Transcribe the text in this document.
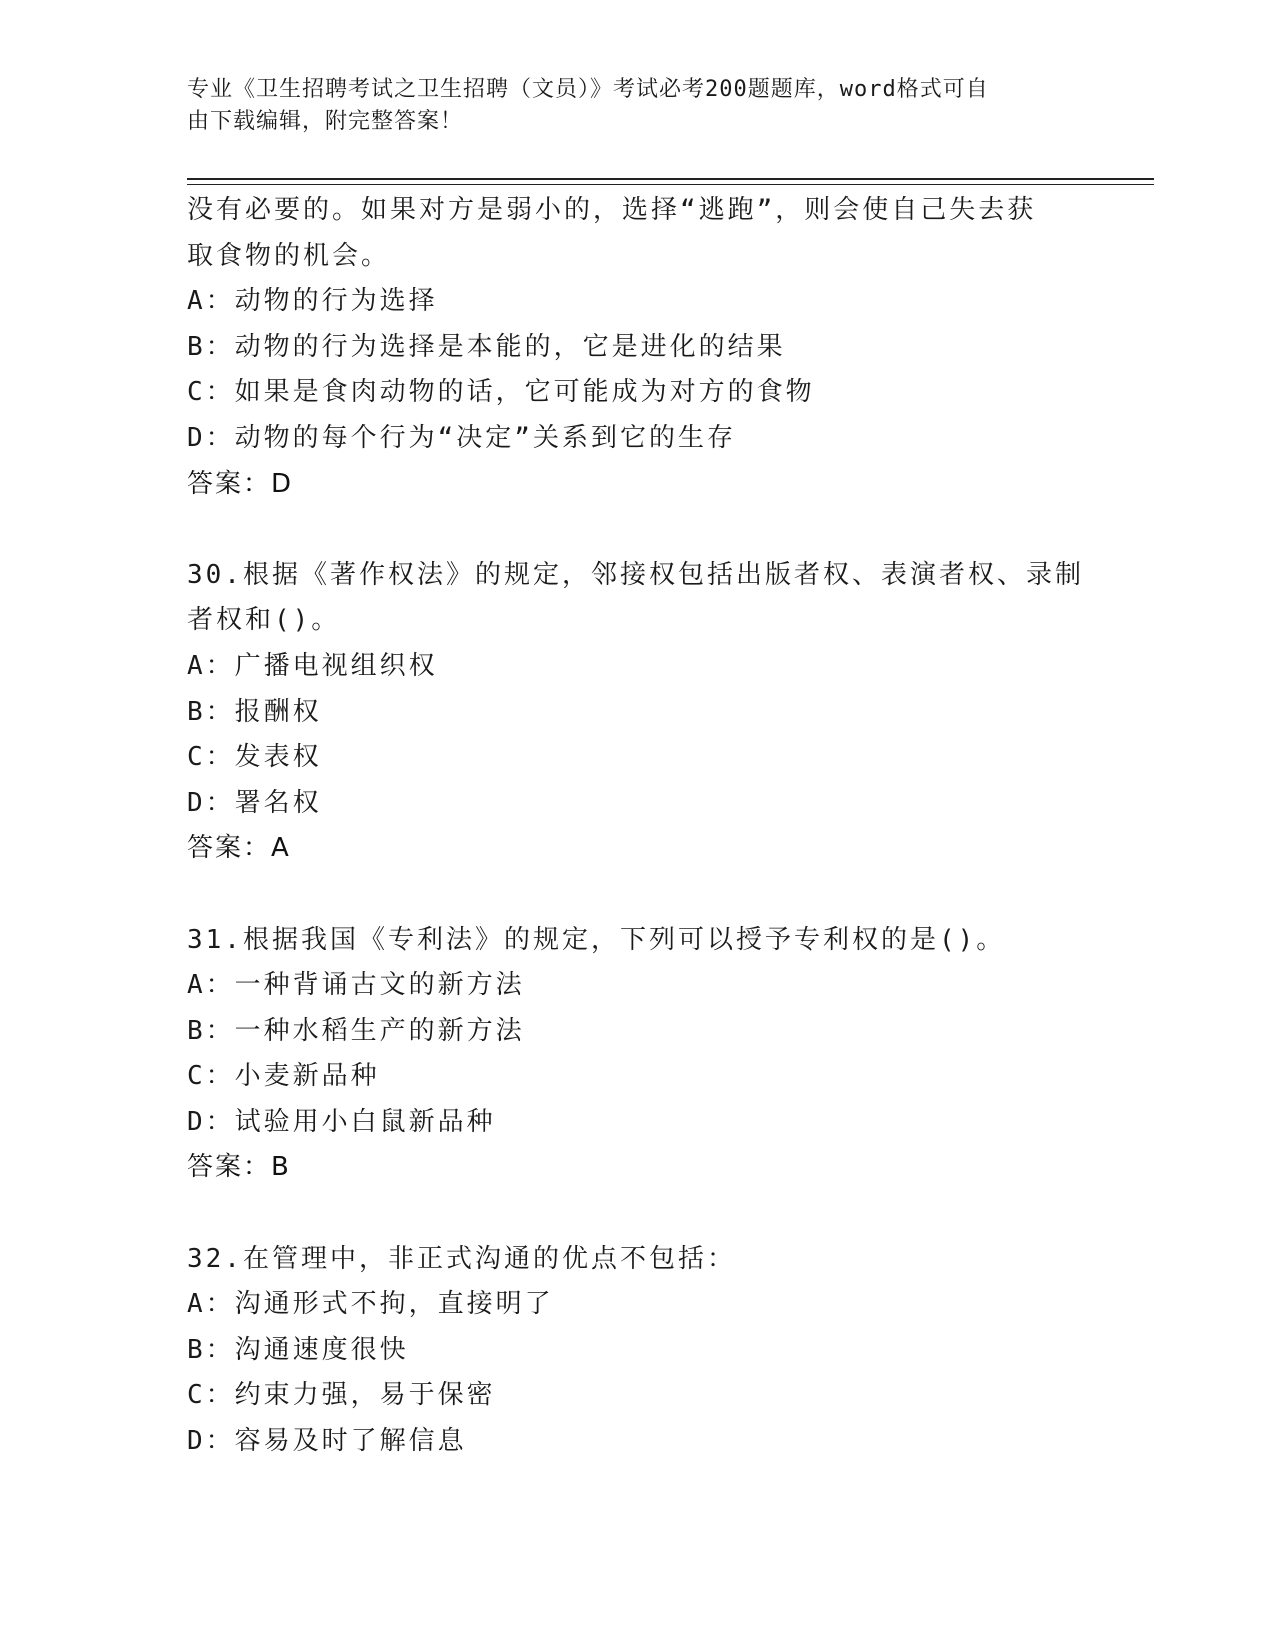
专业《卫生招聘考试之卫生招聘（文员）》考试必考200题题库，word格式可自
由下载编辑，附完整答案！
没有必要的。如果对方是弱小的，选择“逃跑”，则会使自己失去获
取食物的机会。
A：动物的行为选择
B：动物的行为选择是本能的，它是进化的结果
C：如果是食肉动物的话，它可能成为对方的食物
D：动物的每个行为“决定”关系到它的生存
答案：D
30.根据《著作权法》的规定，邻接权包括出版者权、表演者权、录制
者权和()。
A：广播电视组织权
B：报酬权
C：发表权
D：署名权
答案：A
31.根据我国《专利法》的规定，下列可以授予专利权的是()。
A：一种背诵古文的新方法
B：一种水稻生产的新方法
C：小麦新品种
D：试验用小白鼠新品种
答案：B
32.在管理中，非正式沟通的优点不包括：
A：沟通形式不拘，直接明了
B：沟通速度很快
C：约束力强，易于保密
D：容易及时了解信息
